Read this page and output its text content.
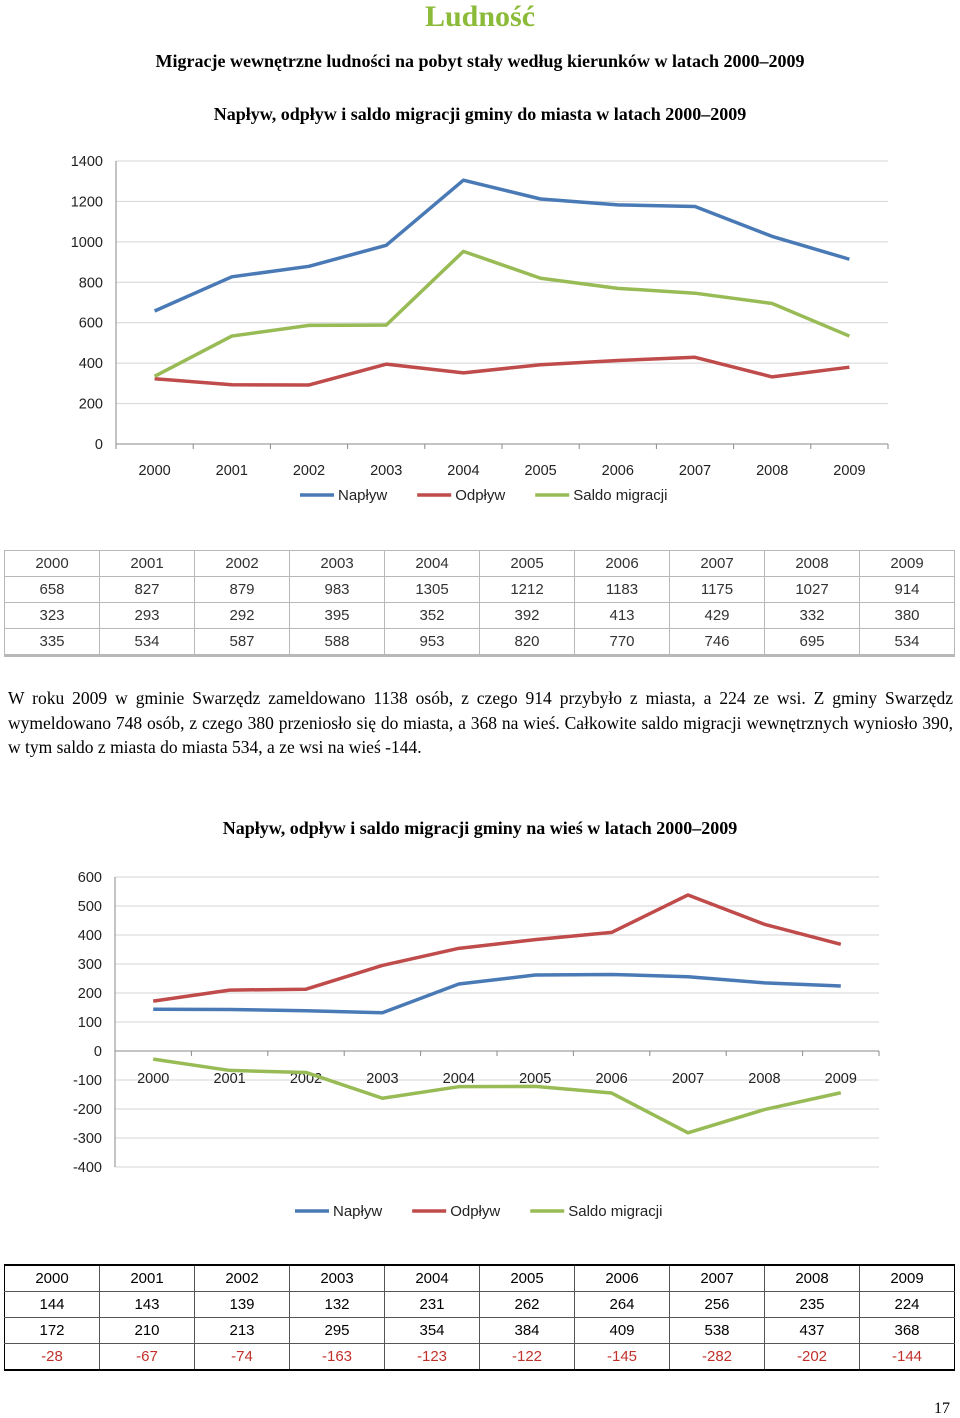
Ludność
Migracje wewnętrzne ludności na pobyt stały według kierunków w latach 2000–2009
Napływ, odpływ i saldo migracji gminy do miasta w latach 2000–2009
0
200
400
600
800
1000
1200
1400
2000	2001	2002	2003	2004	2005	2006	2007	2008	2009
Napływ	Odpływ	Saldo migracji
2000	2001	2002	2003	2004	2005	2006	2007	2008	2009
658	827	879	983	1305	1212	1183	1175	1027	914
323	293	292	395	352	392	413	429	332	380
335	534	587	588	953	820	770	746	695	534
W roku 2009 w gminie Swarzędz zameldowano 1138 osób, z czego 914 przybyło z miasta, a 224 ze wsi. Z gminy Swarzędz wymeldowano 748 osób, z czego 380 przeniosło się do miasta, a 368 na wieś. Całkowite saldo migracji wewnętrznych wyniosło 390, w tym saldo z miasta do miasta 534, a ze wsi na wieś -144.
Napływ, odpływ i saldo migracji gminy na wieś w latach 2000–2009
-400
-300
-200
-100
0
100
200
300
400
500
600
2000	2001	2002	2003	2004	2005	2006	2007	2008	2009
Napływ	Odpływ	Saldo migracji
2000	2001	2002	2003	2004	2005	2006	2007	2008	2009
144	143	139	132	231	262	264	256	235	224
172	210	213	295	354	384	409	538	437	368
-28	-67	-74	-163	-123	-122	-145	-282	-202	-144
17
